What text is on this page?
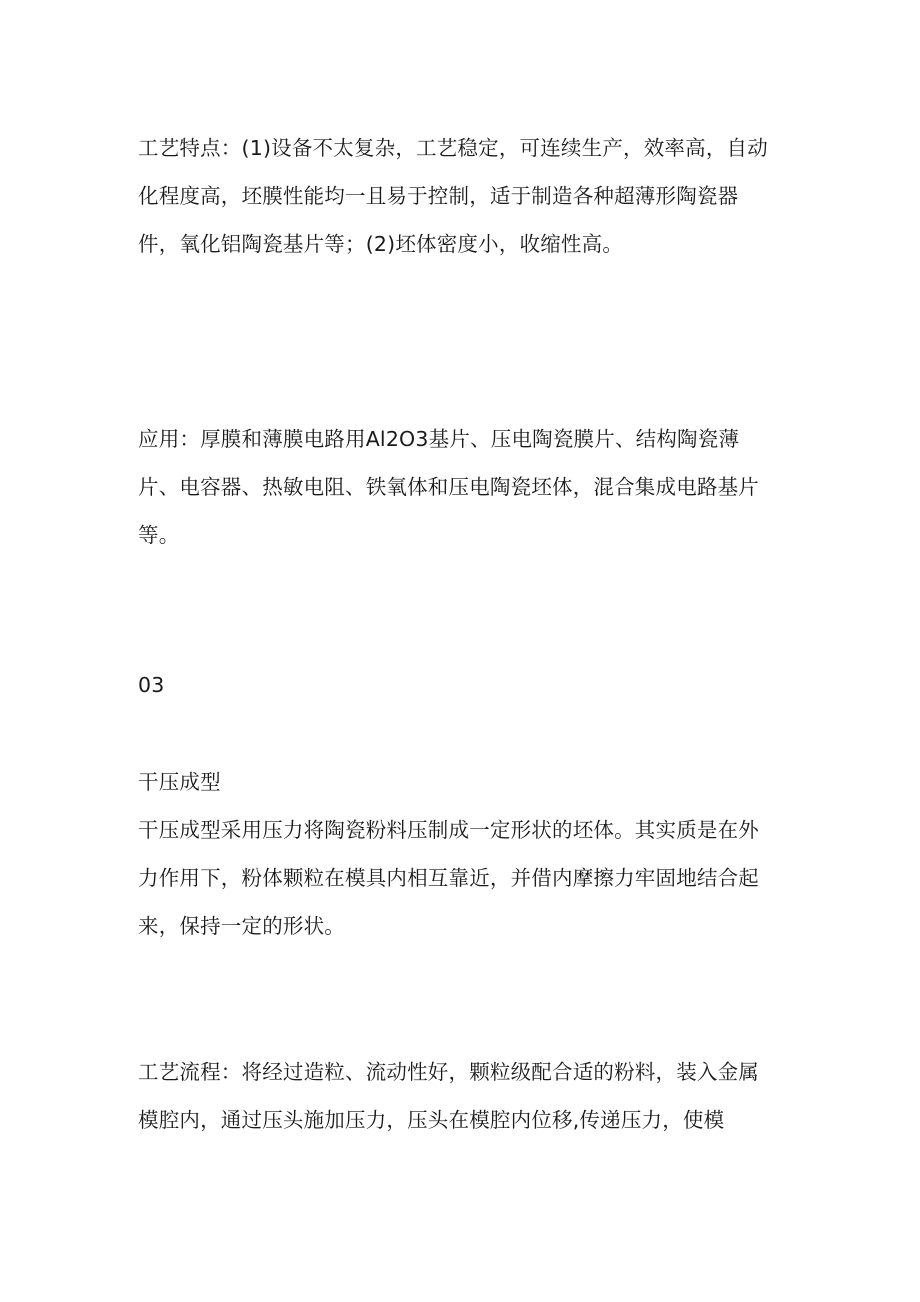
工艺特点：(1)设备不太复杂，工艺稳定，可连续生产，效率高，自动化程度高，坯膜性能均一且易于控制，适于制造各种超薄形陶瓷器件，氧化铝陶瓷基片等；(2)坯体密度小，收缩性高。

应用：厚膜和薄膜电路用Al2O3基片、压电陶瓷膜片、结构陶瓷薄片、电容器、热敏电阻、铁氧体和压电陶瓷坯体，混合集成电路基片等。

03

干压成型

干压成型采用压力将陶瓷粉料压制成一定形状的坯体。其实质是在外力作用下，粉体颗粒在模具内相互靠近，并借内摩擦力牢固地结合起来，保持一定的形状。

工艺流程：将经过造粒、流动性好，颗粒级配合适的粉料，装入金属模腔内，通过压头施加压力，压头在模腔内位移,传递压力，使模
